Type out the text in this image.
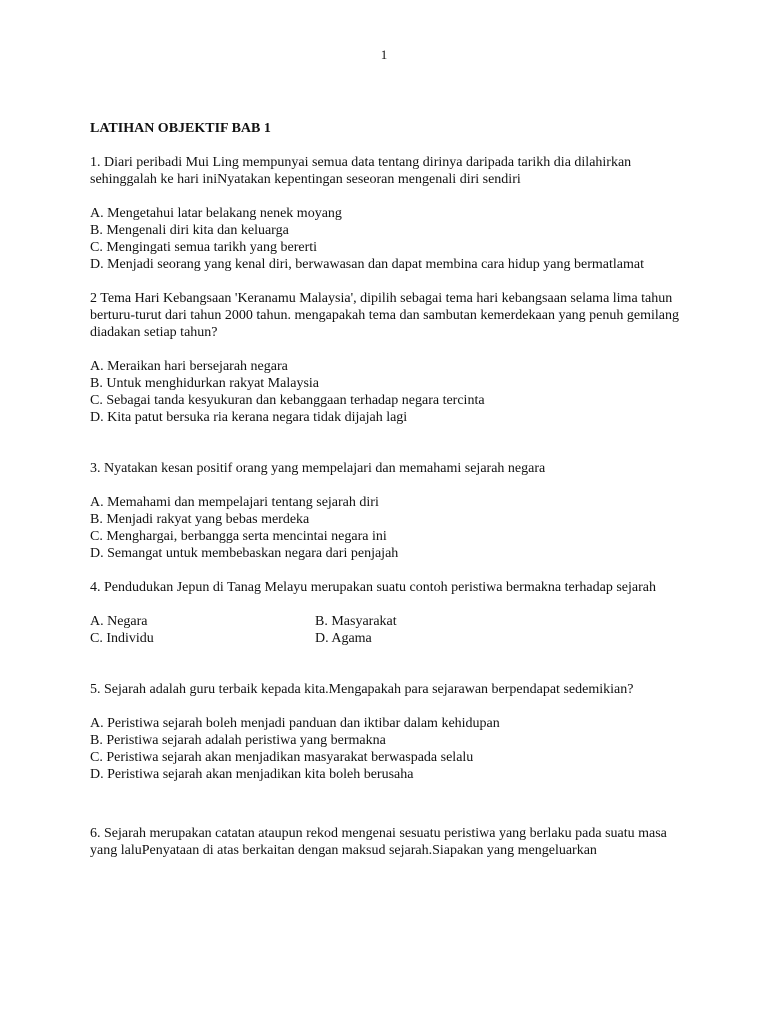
1
LATIHAN OBJEKTIF BAB 1

1. Diari peribadi Mui Ling mempunyai semua data tentang dirinya daripada tarikh dia dilahirkan sehinggalah ke hari iniNyatakan kepentingan seseoran mengenali diri sendiri

A. Mengetahui latar belakang nenek moyang
B. Mengenali diri kita dan keluarga
C. Mengingati semua tarikh yang bererti
D. Menjadi seorang yang kenal diri, berwawasan dan dapat membina cara hidup yang bermatlamat

2 Tema Hari Kebangsaan 'Keranamu Malaysia', dipilih sebagai tema hari kebangsaan selama lima tahun berturu-turut dari tahun 2000 tahun. mengapakah tema dan sambutan kemerdekaan yang penuh gemilang diadakan setiap tahun?

A. Meraikan hari bersejarah negara
B. Untuk menghidurkan rakyat Malaysia
C. Sebagai tanda kesyukuran dan kebanggaan terhadap negara tercinta
D. Kita patut bersuka ria kerana negara tidak dijajah lagi

3. Nyatakan kesan positif orang yang mempelajari dan memahami sejarah negara

A. Memahami dan mempelajari tentang sejarah diri
B. Menjadi rakyat yang bebas merdeka
C. Menghargai, berbangga serta mencintai negara ini
D. Semangat untuk membebaskan negara dari penjajah

4. Pendudukan Jepun di Tanag Melayu merupakan suatu contoh peristiwa bermakna terhadap sejarah

A. Negara	B. Masyarakat
C. Individu	D. Agama

5. Sejarah adalah guru terbaik kepada kita.Mengapakah para sejarawan berpendapat sedemikian?

A. Peristiwa sejarah boleh menjadi panduan dan iktibar dalam kehidupan
B. Peristiwa sejarah adalah peristiwa yang bermakna
C. Peristiwa sejarah akan menjadikan masyarakat berwaspada selalu
D. Peristiwa sejarah akan menjadikan kita boleh berusaha

6. Sejarah merupakan catatan ataupun rekod mengenai sesuatu peristiwa yang berlaku pada suatu masa yang laluPenyataan di atas berkaitan dengan maksud sejarah.Siapakan yang mengeluarkan
